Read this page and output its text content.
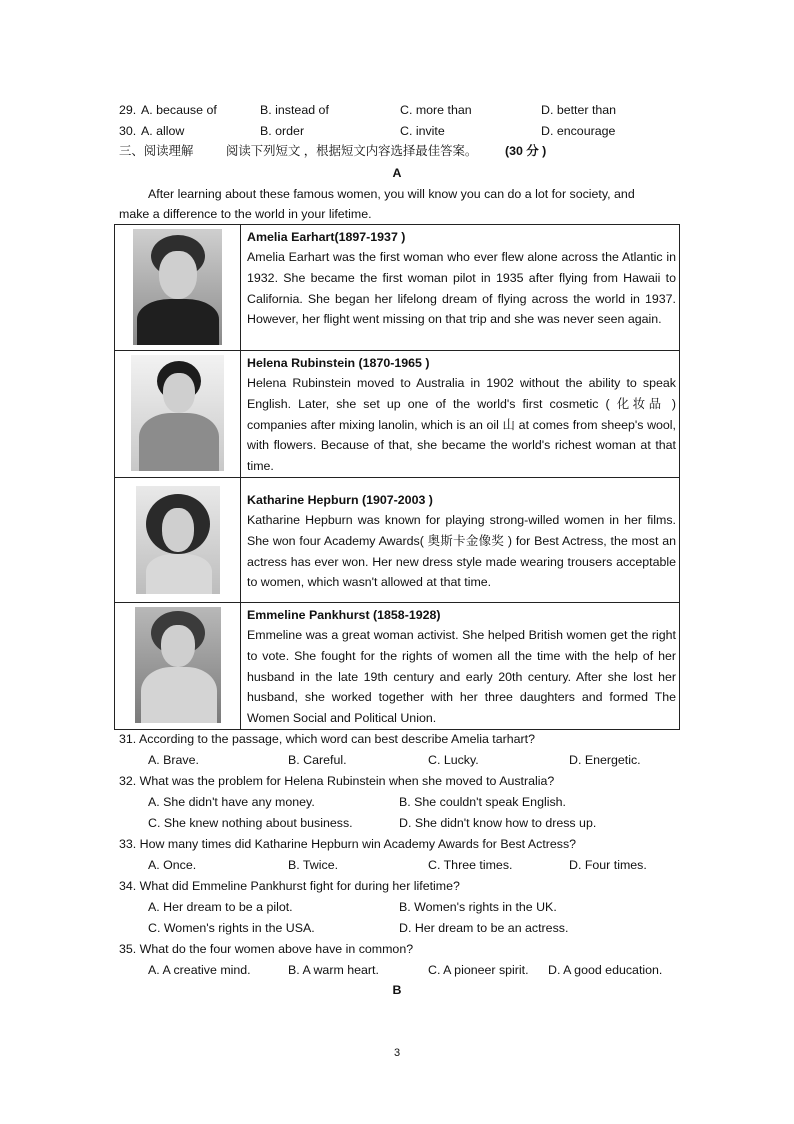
29. A. because of	B. instead of	C. more than	D. better than
30. A. allow	B. order	C. invite	D. encourage
三、阅读理解	阅读下列短文 ，根据短文内容选择最佳答案。 (30 分 )
A
After learning about these famous women, you will know you can do a lot for society, and
make a difference to the world in your lifetime.

	Amelia Earhart(1897-1937 )
Amelia Earhart was the first woman who ever flew alone across the Atlantic in 1932. She became the first woman pilot in 1935 after flying from Hawaii to California. She began her lifelong dream of flying across the world in 1937. However, her flight went missing on that trip and she was never seen again.

	Helena Rubinstein (1870-1965 )
Helena Rubinstein moved to Australia in 1902 without the ability to speak English. Later, she set up one of the world's first cosmetic ( 化妆品 ) companies after mixing lanolin, which is an oil 山 at comes from sheep's wool, with flowers. Because of that, she became the world's richest woman at that time.

	Katharine Hepburn (1907-2003 )
Katharine Hepburn was known for playing strong-willed women in her films. She won four Academy Awards( 奥斯卡金像奖 ) for Best Actress, the most an actress has ever won. Her new dress style made wearing trousers acceptable to women, which wasn't allowed at that time.

	Emmeline Pankhurst (1858-1928)
Emmeline was a great woman activist. She helped British women get the right to vote. She fought for the rights of women all the time with the help of her husband in the late 19th century and early 20th century. After she lost her husband, she worked together with her three daughters and formed The Women Social and Political Union.
31. According to the passage, which word can best describe Amelia tarhart?
A. Brave.	B. Careful.	C. Lucky.	D. Energetic.
32. What was the problem for Helena Rubinstein when she moved to Australia?
A. She didn't have any money.	B. She couldn't speak English.
C. She knew nothing about business.	D. She didn't know how to dress up.
33. How many times did Katharine Hepburn win Academy Awards for Best Actress?
A. Once.	B. Twice.	C. Three times.	D. Four times.
34. What did Emmeline Pankhurst fight for during her lifetime?
A. Her dream to be a pilot.	B. Women's rights in the UK.
C. Women's rights in the USA.	D. Her dream to be an actress.
35. What do the four women above have in common?
A. A creative mind.	B. A warm heart.	C. A pioneer spirit. D. A good education.
B
3
